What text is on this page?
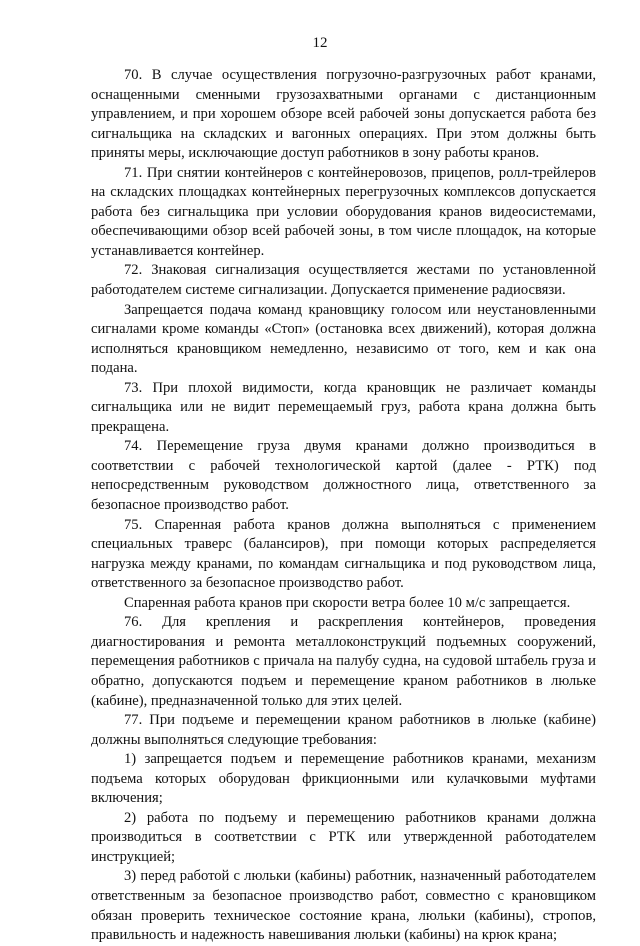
12

70. В случае осуществления погрузочно-разгрузочных работ кранами, оснащенными сменными грузозахватными органами с дистанционным управлением, и при хорошем обзоре всей рабочей зоны допускается работа без сигнальщика на складских и вагонных операциях. При этом должны быть приняты меры, исключающие доступ работников в зону работы кранов.

71. При снятии контейнеров с контейнеровозов, прицепов, ролл-трейлеров на складских площадках контейнерных перегрузочных комплексов допускается работа без сигнальщика при условии оборудования кранов видеосистемами, обеспечивающими обзор всей рабочей зоны, в том числе площадок, на которые устанавливается контейнер.

72. Знаковая сигнализация осуществляется жестами по установленной работодателем системе сигнализации. Допускается применение радиосвязи.

Запрещается подача команд крановщику голосом или неустановленными сигналами кроме команды «Стоп» (остановка всех движений), которая должна исполняться крановщиком немедленно, независимо от того, кем и как она подана.

73. При плохой видимости, когда крановщик не различает команды сигнальщика или не видит перемещаемый груз, работа крана должна быть прекращена.

74. Перемещение груза двумя кранами должно производиться в соответствии с рабочей технологической картой (далее - РТК) под непосредственным руководством должностного лица, ответственного за безопасное производство работ.

75. Спаренная работа кранов должна выполняться с применением специальных траверс (балансиров), при помощи которых распределяется нагрузка между кранами, по командам сигнальщика и под руководством лица, ответственного за безопасное производство работ.

Спаренная работа кранов при скорости ветра более 10 м/с запрещается.

76. Для крепления и раскрепления контейнеров, проведения диагностирования и ремонта металлоконструкций подъемных сооружений, перемещения работников с причала на палубу судна, на судовой штабель груза и обратно, допускаются подъем и перемещение краном работников в люльке (кабине), предназначенной только для этих целей.

77. При подъеме и перемещении краном работников в люльке (кабине) должны выполняться следующие требования:

1) запрещается подъем и перемещение работников кранами, механизм подъема которых оборудован фрикционными или кулачковыми муфтами включения;

2) работа по подъему и перемещению работников кранами должна производиться в соответствии с РТК или утвержденной работодателем инструкцией;

3) перед работой с люльки (кабины) работник, назначенный работодателем ответственным за безопасное производство работ, совместно с крановщиком обязан проверить техническое состояние крана, люльки (кабины), стропов, правильность и надежность навешивания люльки (кабины) на крюк крана;
